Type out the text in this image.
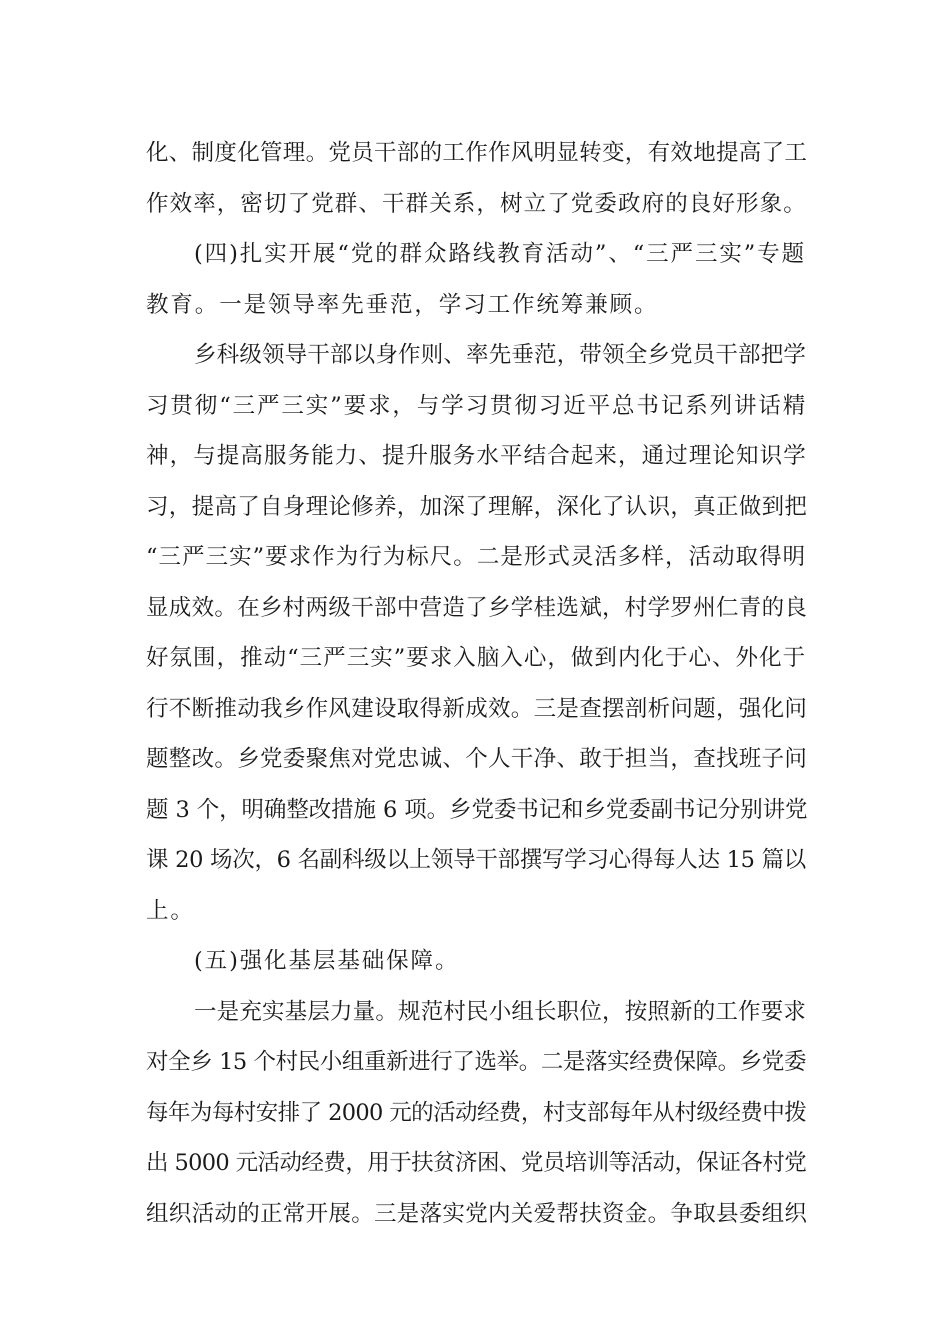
化、制度化管理。党员干部的工作作风明显转变，有效地提高了工
作效率，密切了党群、干群关系，树立了党委政府的良好形象。
(四)扎实开展“党的群众路线教育活动”、“三严三实”专题
教育。一是领导率先垂范，学习工作统筹兼顾。
乡科级领导干部以身作则、率先垂范，带领全乡党员干部把学
习贯彻“三严三实”要求，与学习贯彻习近平总书记系列讲话精
神，与提高服务能力、提升服务水平结合起来，通过理论知识学
习，提高了自身理论修养，加深了理解，深化了认识，真正做到把
“三严三实”要求作为行为标尺。二是形式灵活多样，活动取得明
显成效。在乡村两级干部中营造了乡学桂选斌，村学罗州仁青的良
好氛围，推动“三严三实”要求入脑入心，做到内化于心、外化于
行不断推动我乡作风建设取得新成效。三是查摆剖析问题，强化问
题整改。乡党委聚焦对党忠诚、个人干净、敢于担当，查找班子问
题 3 个，明确整改措施 6 项。乡党委书记和乡党委副书记分别讲党
课 20 场次，6 名副科级以上领导干部撰写学习心得每人达 15 篇以
上。
(五)强化基层基础保障。
一是充实基层力量。规范村民小组长职位，按照新的工作要求
对全乡 15 个村民小组重新进行了选举。二是落实经费保障。乡党委
每年为每村安排了 2000 元的活动经费，村支部每年从村级经费中拨
出 5000 元活动经费，用于扶贫济困、党员培训等活动，保证各村党
组织活动的正常开展。三是落实党内关爱帮扶资金。争取县委组织
